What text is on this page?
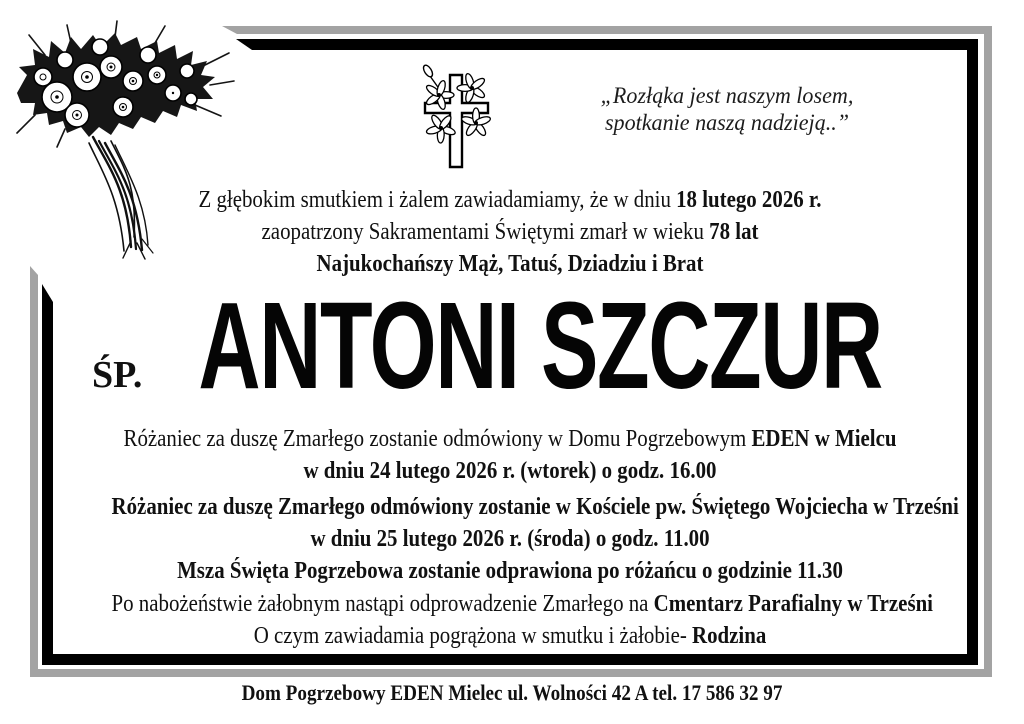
„Rozłąka jest naszym losem,
spotkanie naszą nadzieją..”
Z głębokim smutkiem i żalem zawiadamiamy, że w dniu 18 lutego 2026 r.
zaopatrzony Sakramentami Świętymi zmarł w wieku 78 lat
Najukochańszy Mąż, Tatuś, Dziadziu i Brat
ŚP. ANTONI SZCZUR
Różaniec za duszę Zmarłego zostanie odmówiony w Domu Pogrzebowym EDEN w Mielcu
w dniu 24 lutego 2026 r. (wtorek) o godz. 16.00
Różaniec za duszę Zmarłego odmówiony zostanie w Kościele pw. Świętego Wojciecha w Trześni
w dniu 25 lutego 2026 r. (środa) o godz. 11.00
Msza Święta Pogrzebowa zostanie odprawiona po różańcu o godzinie 11.30
Po nabożeństwie żałobnym nastąpi odprowadzenie Zmarłego na Cmentarz Parafialny w Trześni
O czym zawiadamia pogrążona w smutku i żałobie- Rodzina
Dom Pogrzebowy EDEN Mielec ul. Wolności 42 A tel. 17 586 32 97
